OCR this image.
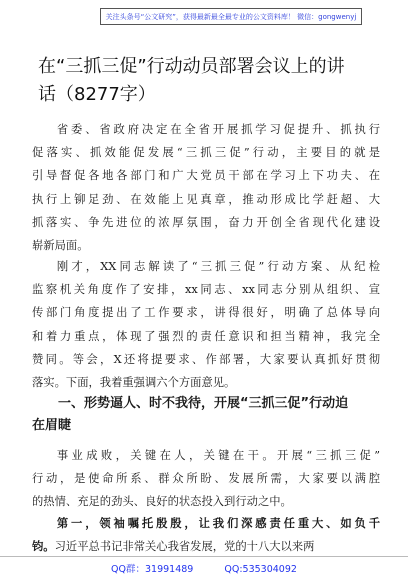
关注头条号“公文研究”，获得最新最全最专业的公文资料库！ 微信：gongwenyj
在“三抓三促”行动动员部署会议上的讲
话（8277字）
省委、省政府决定在全省开展抓学习促提升、抓执行
促落实、抓效能促发展“三抓三促”行动，主要目的就是
引导督促各地各部门和广大党员干部在学习上下功夫、在
执行上铆足劲、在效能上见真章，推动形成比学赶超、大
抓落实、争先进位的浓厚氛围，奋力开创全省现代化建设
崭新局面。
刚才，XX同志解读了“三抓三促”行动方案、从纪检
监察机关角度作了安排，xx同志、xx同志分别从组织、宣
传部门角度提出了工作要求，讲得很好，明确了总体导向
和着力重点，体现了强烈的责任意识和担当精神，我完全
赞同。等会，X还将提要求、作部署，大家要认真抓好贯彻
落实。下面，我着重强调六个方面意见。
一、形势逼人、时不我待，开展“三抓三促”行动迫
在眉睫
事业成败，关键在人，关键在干。开展“三抓三促”
行动，是使命所系、群众所盼、发展所需，大家要以满腔
的热情、充足的劲头、良好的状态投入到行动之中。
第一，领袖嘱托殷殷，让我们深感责任重大、如负千
钧。习近平总书记非常关心我省发展，党的十八大以来两
QQ群：31991489	QQ:535304092
